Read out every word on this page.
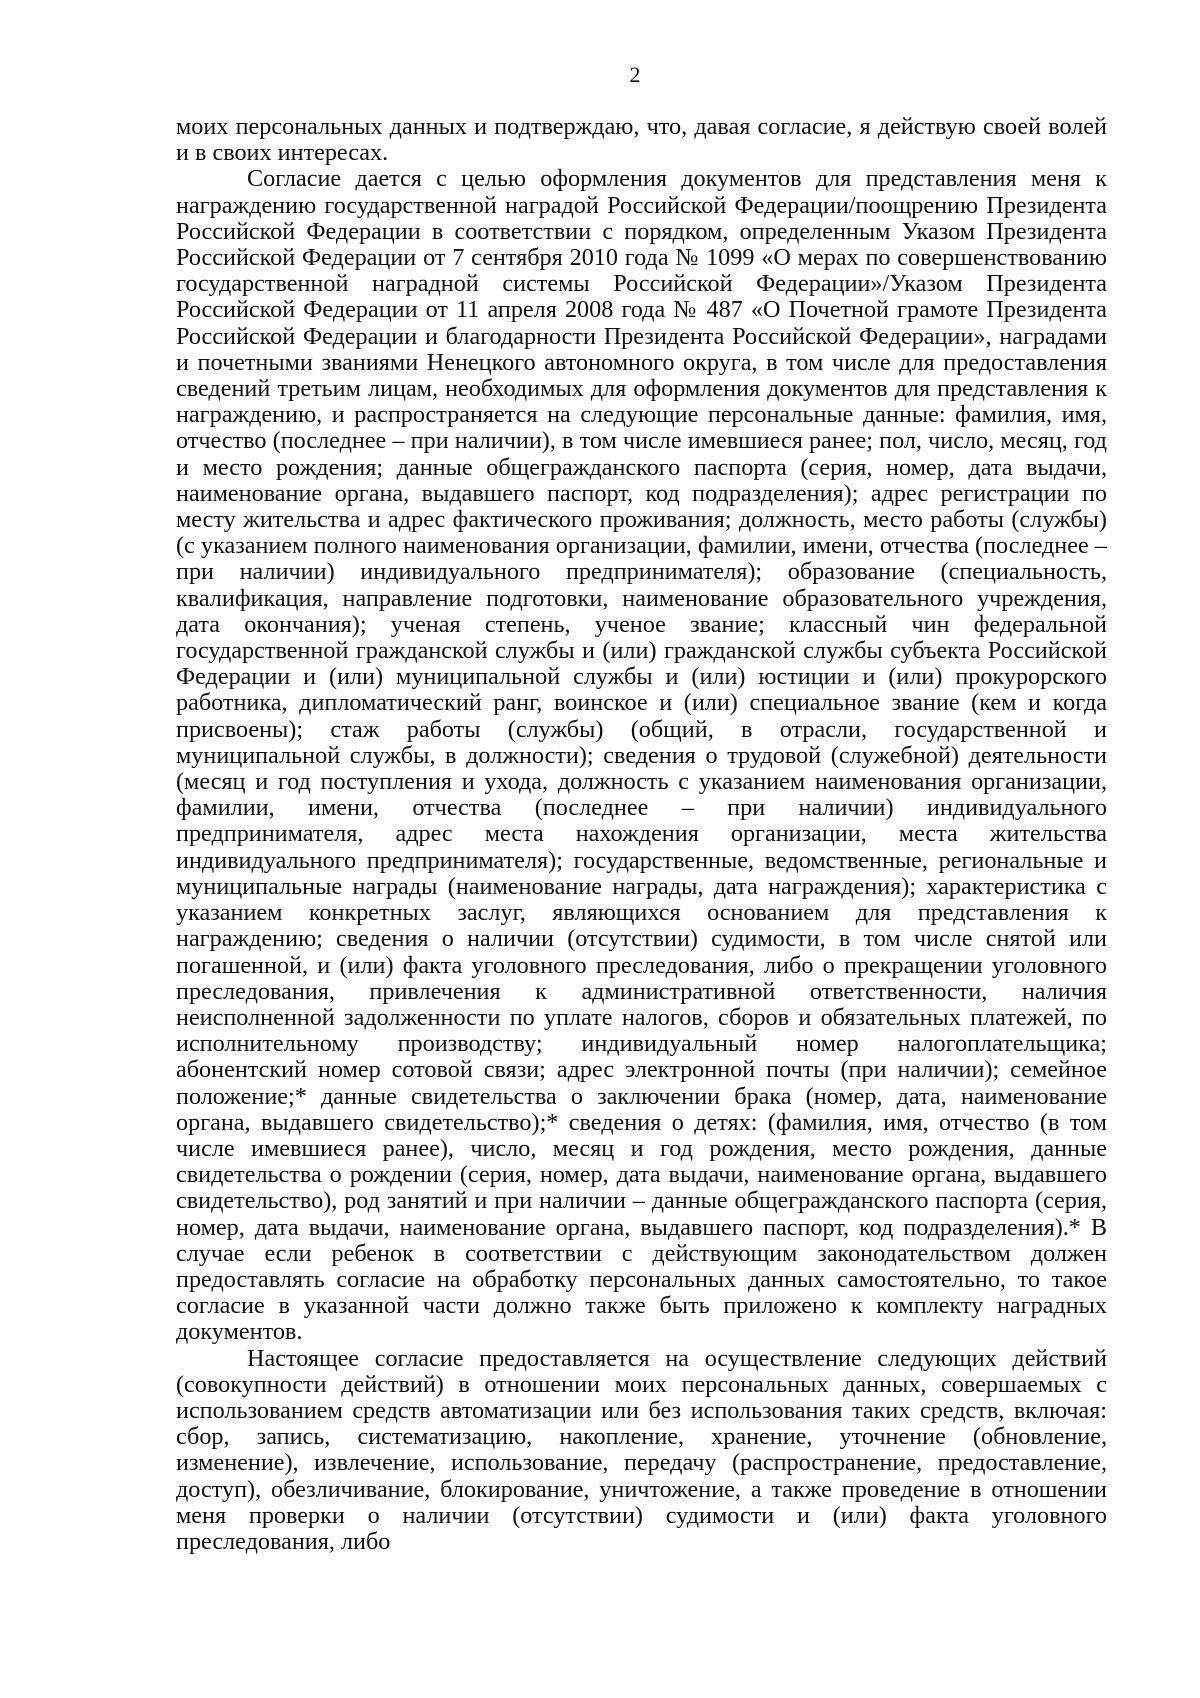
2

моих персональных данных и подтверждаю, что, давая согласие, я действую своей волей и в своих интересах.

Согласие дается с целью оформления документов для представления меня к награждению государственной наградой Российской Федерации/поощрению Президента Российской Федерации в соответствии с порядком, определенным Указом Президента Российской Федерации от 7 сентября 2010 года № 1099 «О мерах по совершенствованию государственной наградной системы Российской Федерации»/Указом Президента Российской Федерации от 11 апреля 2008 года № 487 «О Почетной грамоте Президента Российской Федерации и благодарности Президента Российской Федерации», наградами и почетными званиями Ненецкого автономного округа, в том числе для предоставления сведений третьим лицам, необходимых для оформления документов для представления к награждению, и распространяется на следующие персональные данные: фамилия, имя, отчество (последнее – при наличии), в том числе имевшиеся ранее; пол, число, месяц, год и место рождения; данные общегражданского паспорта (серия, номер, дата выдачи, наименование органа, выдавшего паспорт, код подразделения); адрес регистрации по месту жительства и адрес фактического проживания; должность, место работы (службы) (с указанием полного наименования организации, фамилии, имени, отчества (последнее – при наличии) индивидуального предпринимателя); образование (специальность, квалификация, направление подготовки, наименование образовательного учреждения, дата окончания); ученая степень, ученое звание; классный чин федеральной государственной гражданской службы и (или) гражданской службы субъекта Российской Федерации и (или) муниципальной службы и (или) юстиции и (или) прокурорского работника, дипломатический ранг, воинское и (или) специальное звание (кем и когда присвоены); стаж работы (службы) (общий, в отрасли, государственной и муниципальной службы, в должности); сведения о трудовой (служебной) деятельности (месяц и год поступления и ухода, должность с указанием наименования организации, фамилии, имени, отчества (последнее – при наличии) индивидуального предпринимателя, адрес места нахождения организации, места жительства индивидуального предпринимателя); государственные, ведомственные, региональные и муниципальные награды (наименование награды, дата награждения); характеристика с указанием конкретных заслуг, являющихся основанием для представления к награждению; сведения о наличии (отсутствии) судимости, в том числе снятой или погашенной, и (или) факта уголовного преследования, либо о прекращении уголовного преследования, привлечения к административной ответственности, наличия неисполненной задолженности по уплате налогов, сборов и обязательных платежей, по исполнительному производству; индивидуальный номер налогоплательщика; абонентский номер сотовой связи; адрес электронной почты (при наличии); семейное положение;* данные свидетельства о заключении брака (номер, дата, наименование органа, выдавшего свидетельство);* сведения о детях: (фамилия, имя, отчество (в том числе имевшиеся ранее), число, месяц и год рождения, место рождения, данные свидетельства о рождении (серия, номер, дата выдачи, наименование органа, выдавшего свидетельство), род занятий и при наличии – данные общегражданского паспорта (серия, номер, дата выдачи, наименование органа, выдавшего паспорт, код подразделения).* В случае если ребенок в соответствии с действующим законодательством должен предоставлять согласие на обработку персональных данных самостоятельно, то такое согласие в указанной части должно также быть приложено к комплекту наградных документов.

Настоящее согласие предоставляется на осуществление следующих действий (совокупности действий) в отношении моих персональных данных, совершаемых с использованием средств автоматизации или без использования таких средств, включая: сбор, запись, систематизацию, накопление, хранение, уточнение (обновление, изменение), извлечение, использование, передачу (распространение, предоставление, доступ), обезличивание, блокирование, уничтожение, а также проведение в отношении меня проверки о наличии (отсутствии) судимости и (или) факта уголовного преследования, либо
